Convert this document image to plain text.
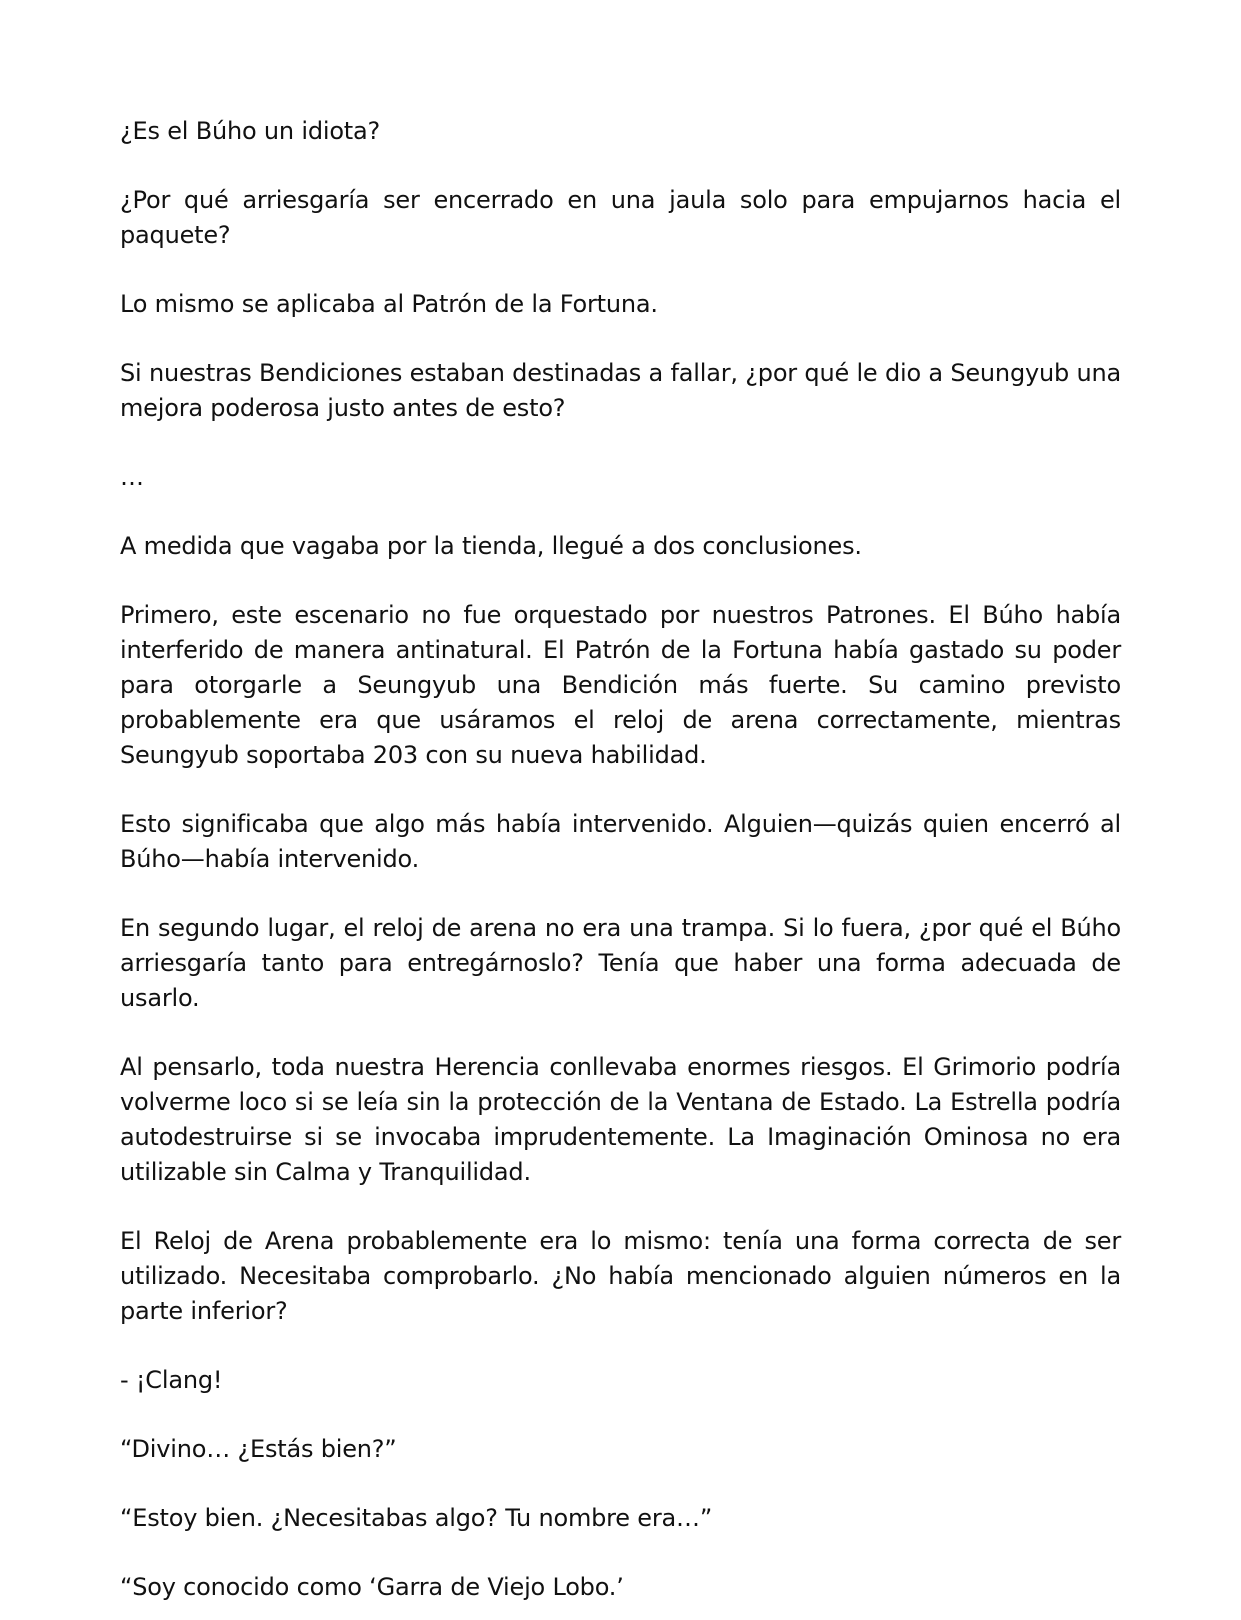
¿Es el Búho un idiota?

¿Por qué arriesgaría ser encerrado en una jaula solo para empujarnos hacia el paquete?

Lo mismo se aplicaba al Patrón de la Fortuna.

Si nuestras Bendiciones estaban destinadas a fallar, ¿por qué le dio a Seungyub una mejora poderosa justo antes de esto?

…

A medida que vagaba por la tienda, llegué a dos conclusiones.

Primero, este escenario no fue orquestado por nuestros Patrones. El Búho había interferido de manera antinatural. El Patrón de la Fortuna había gastado su poder para otorgarle a Seungyub una Bendición más fuerte. Su camino previsto probablemente era que usáramos el reloj de arena correctamente, mientras Seungyub soportaba 203 con su nueva habilidad.

Esto significaba que algo más había intervenido. Alguien—quizás quien encerró al Búho—había intervenido.

En segundo lugar, el reloj de arena no era una trampa. Si lo fuera, ¿por qué el Búho arriesgaría tanto para entregárnoslo? Tenía que haber una forma adecuada de usarlo.

Al pensarlo, toda nuestra Herencia conllevaba enormes riesgos. El Grimorio podría volverme loco si se leía sin la protección de la Ventana de Estado. La Estrella podría autodestruirse si se invocaba imprudentemente. La Imaginación Ominosa no era utilizable sin Calma y Tranquilidad.

El Reloj de Arena probablemente era lo mismo: tenía una forma correcta de ser utilizado. Necesitaba comprobarlo. ¿No había mencionado alguien números en la parte inferior?

- ¡Clang!

“Divino… ¿Estás bien?”

“Estoy bien. ¿Necesitabas algo? Tu nombre era…”

“Soy conocido como ‘Garra de Viejo Lobo.’
